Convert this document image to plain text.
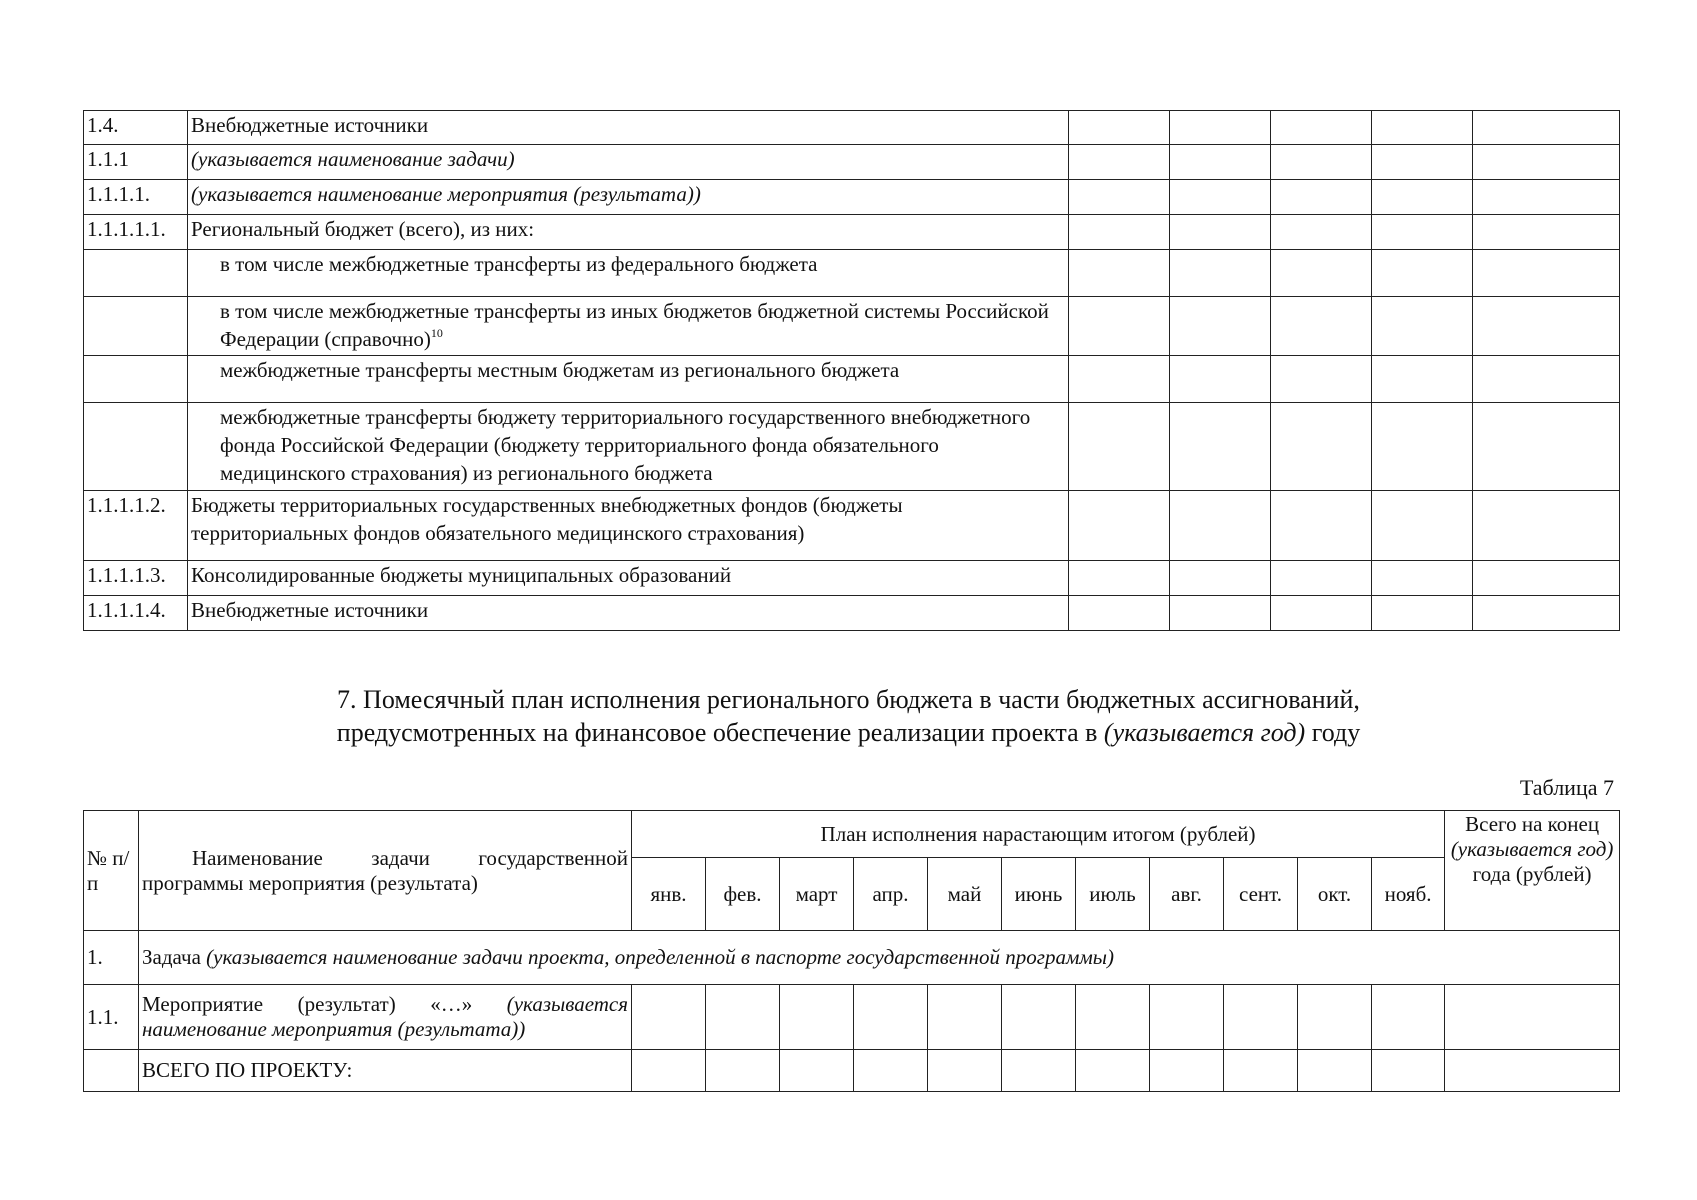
1.4.	Внебюджетные источники					
1.1.1	(указывается наименование задачи)					
1.1.1.1.	(указывается наименование мероприятия (результата))					
1.1.1.1.1.	Региональный бюджет (всего), из них:					
	в том числе межбюджетные трансферты из федерального бюджета					
	в том числе межбюджетные трансферты из иных бюджетов бюджетной системы Российской Федерации (справочно)$^{10}$					
	межбюджетные трансферты местным бюджетам из регионального бюджета					
	межбюджетные трансферты бюджету территориального государственного внебюджетного фонда Российской Федерации (бюджету территориального фонда обязательного медицинского страхования) из регионального бюджета					
1.1.1.1.2.	Бюджеты территориальных государственных внебюджетных фондов (бюджеты территориальных фондов обязательного медицинского страхования)					
1.1.1.1.3.	Консолидированные бюджеты муниципальных образований					
1.1.1.1.4.	Внебюджетные источники					
7. Помесячный план исполнения регионального бюджета в части бюджетных ассигнований,
предусмотренных на финансовое обеспечение реализации проекта в (указывается год) году
Таблица 7
№ п/п	Наименование задачи государственной программы мероприятия (результата)	План исполнения нарастающим итогом (рублей)											Всего на конец (указывается год) года (рублей)
		янв.	фев.	март	апр.	май	июнь	июль	авг.	сент.	окт.	нояб.	
1.	Задача (указывается наименование задачи проекта, определенной в паспорте государственной программы)												
1.1.	Мероприятие (результат) «…» (указывается наименование мероприятия (результата))												

	ВСЕГО ПО ПРОЕКТУ:												
